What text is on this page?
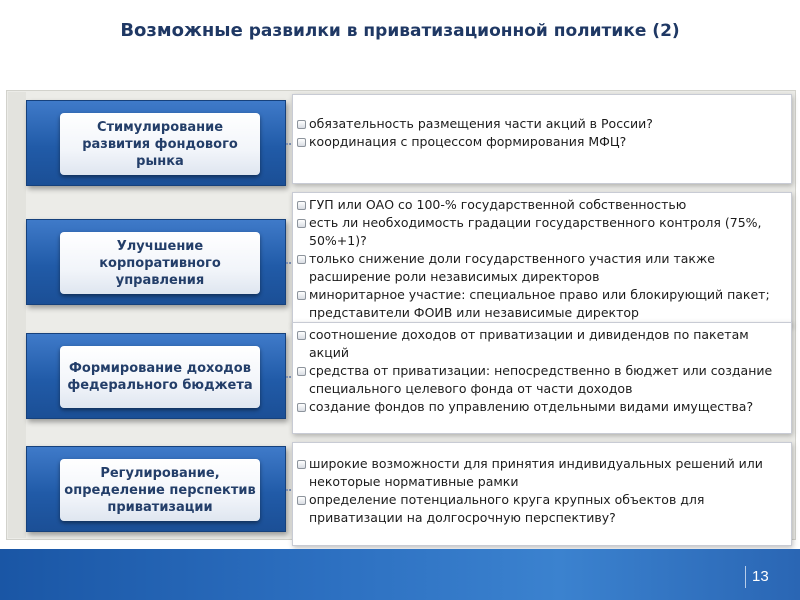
Возможные развилки в приватизационной политике (2)
Стимулирование развития фондового рынка
обязательность размещения части акций в России?
координация с процессом формирования МФЦ?
Улучшение корпоративного управления
ГУП или ОАО со 100-% государственной собственностью
есть ли необходимость градации государственного контроля (75%, 50%+1)?
только снижение доли государственного участия или также расширение роли независимых директоров
миноритарное участие: специальное право или блокирующий пакет; представители ФОИВ или независимые директор
Формирование доходов федерального бюджета
соотношение доходов от приватизации и дивидендов по пакетам акций
средства от приватизации: непосредственно в бюджет или создание специального целевого фонда от части доходов
создание фондов по управлению отдельными видами имущества?
Регулирование, определение перспектив приватизации
широкие возможности для принятия индивидуальных решений или некоторые нормативные рамки
определение потенциального круга крупных объектов для приватизации на долгосрочную перспективу?
13
